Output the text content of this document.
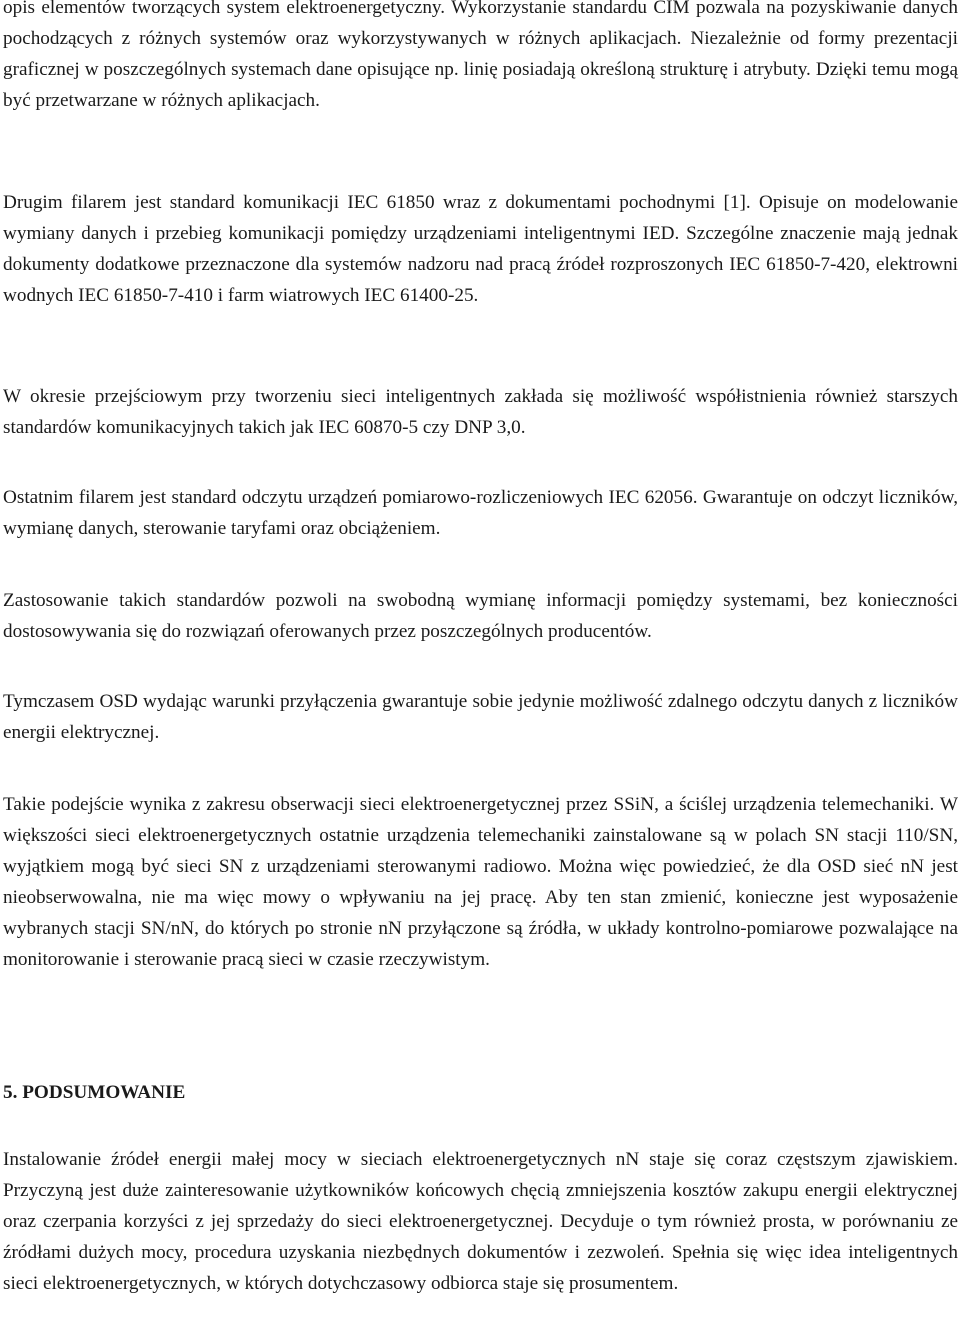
opis elementów tworzących system elektroenergetyczny. Wykorzystanie standardu CIM pozwala na pozyskiwanie danych pochodzących z różnych systemów oraz wykorzystywanych w różnych aplikacjach. Niezależnie od formy prezentacji graficznej w poszczególnych systemach dane opisujące np. linię posiadają określoną strukturę i atrybuty. Dzięki temu mogą być przetwarzane w różnych aplikacjach.

Drugim filarem jest standard komunikacji IEC 61850 wraz z dokumentami pochodnymi [1]. Opisuje on modelowanie wymiany danych i przebieg komunikacji pomiędzy urządzeniami inteligentnymi IED. Szczególne znaczenie mają jednak dokumenty dodatkowe przeznaczone dla systemów nadzoru nad pracą źródeł rozproszonych IEC 61850-7-420, elektrowni wodnych IEC 61850-7-410 i farm wiatrowych IEC 61400-25.

W okresie przejściowym przy tworzeniu sieci inteligentnych zakłada się możliwość współistnienia również starszych standardów komunikacyjnych takich jak IEC 60870-5 czy DNP 3,0.

Ostatnim filarem jest standard odczytu urządzeń pomiarowo-rozliczeniowych IEC 62056. Gwarantuje on odczyt liczników, wymianę danych, sterowanie taryfami oraz obciążeniem.

Zastosowanie takich standardów pozwoli na swobodną wymianę informacji pomiędzy systemami, bez konieczności dostosowywania się do rozwiązań oferowanych przez poszczególnych producentów.

Tymczasem OSD wydając warunki przyłączenia gwarantuje sobie jedynie możliwość zdalnego odczytu danych z liczników energii elektrycznej.

Takie podejście wynika z zakresu obserwacji sieci elektroenergetycznej przez SSiN, a ściślej urządzenia telemechaniki. W większości sieci elektroenergetycznych ostatnie urządzenia telemechaniki zainstalowane są w polach SN stacji 110/SN, wyjątkiem mogą być sieci SN z urządzeniami sterowanymi radiowo. Można więc powiedzieć, że dla OSD sieć nN jest nieobserwowalna, nie ma więc mowy o wpływaniu na jej pracę. Aby ten stan zmienić, konieczne jest wyposażenie wybranych stacji SN/nN, do których po stronie nN przyłączone są źródła, w układy kontrolno-pomiarowe pozwalające na monitorowanie i sterowanie pracą sieci w czasie rzeczywistym.

5. PODSUMOWANIE

Instalowanie źródeł energii małej mocy w sieciach elektroenergetycznych nN staje się coraz częstszym zjawiskiem. Przyczyną jest duże zainteresowanie użytkowników końcowych chęcią zmniejszenia kosztów zakupu energii elektrycznej oraz czerpania korzyści z jej sprzedaży do sieci elektroenergetycznej. Decyduje o tym również prosta, w porównaniu ze źródłami dużych mocy, procedura uzyskania niezbędnych dokumentów i zezwoleń. Spełnia się więc idea inteligentnych sieci elektroenergetycznych, w których dotychczasowy odbiorca staje się prosumentem.
